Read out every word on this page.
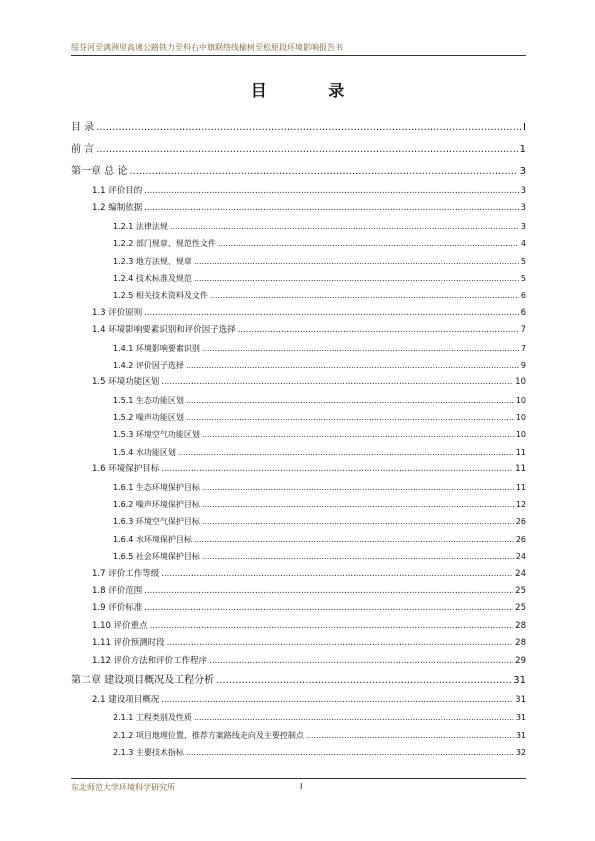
绥芬河至满洲里高速公路铁力至科右中旗联络线榆树至松原段环境影响报告书
目 录
目 录 .....	I
前 言 .....	1
第一章 总 论 .....	3
1.1 评价目的 .....	3
1.2 编制依据 .....	3
1.2.1 法律法规 .....	3
1.2.2 部门规章、规范性文件 .....	4
1.2.3 地方法规、规章 .....	5
1.2.4 技术标准及规范 .....	5
1.2.5 相关技术资料及文件 .....	6
1.3 评价原则 .....	6
1.4 环境影响要素识别和评价因子选择 .....	7
1.4.1 环境影响要素识别 .....	7
1.4.2 评价因子选择 .....	9
1.5 环境功能区划 .....	10
1.5.1 生态功能区划 .....	10
1.5.2 噪声功能区划 .....	10
1.5.3 环境空气功能区划 .....	10
1.5.4 水功能区划 .....	11
1.6 环境保护目标 .....	11
1.6.1 生态环境保护目标 .....	11
1.6.2 噪声环境保护目标 .....	12
1.6.3 环境空气保护目标 .....	26
1.6.4 水环境保护目标 .....	26
1.6.5 社会环境保护目标 .....	24
1.7 评价工作等级 .....	24
1.8 评价范围 .....	25
1.9 评价标准 .....	25
1.10 评价重点 .....	28
1.11 评价预测时段 .....	28
1.12 评价方法和评价工作程序 .....	29
第二章 建设项目概况及工程分析 .....	31
2.1 建设项目概况 .....	31
2.1.1 工程类别及性质 .....	31
2.1.2 项目地理位置、推荐方案路线走向及主要控制点 .....	31
2.1.3 主要技术指标 .....	32
东北师范大学环境科学研究所	I
